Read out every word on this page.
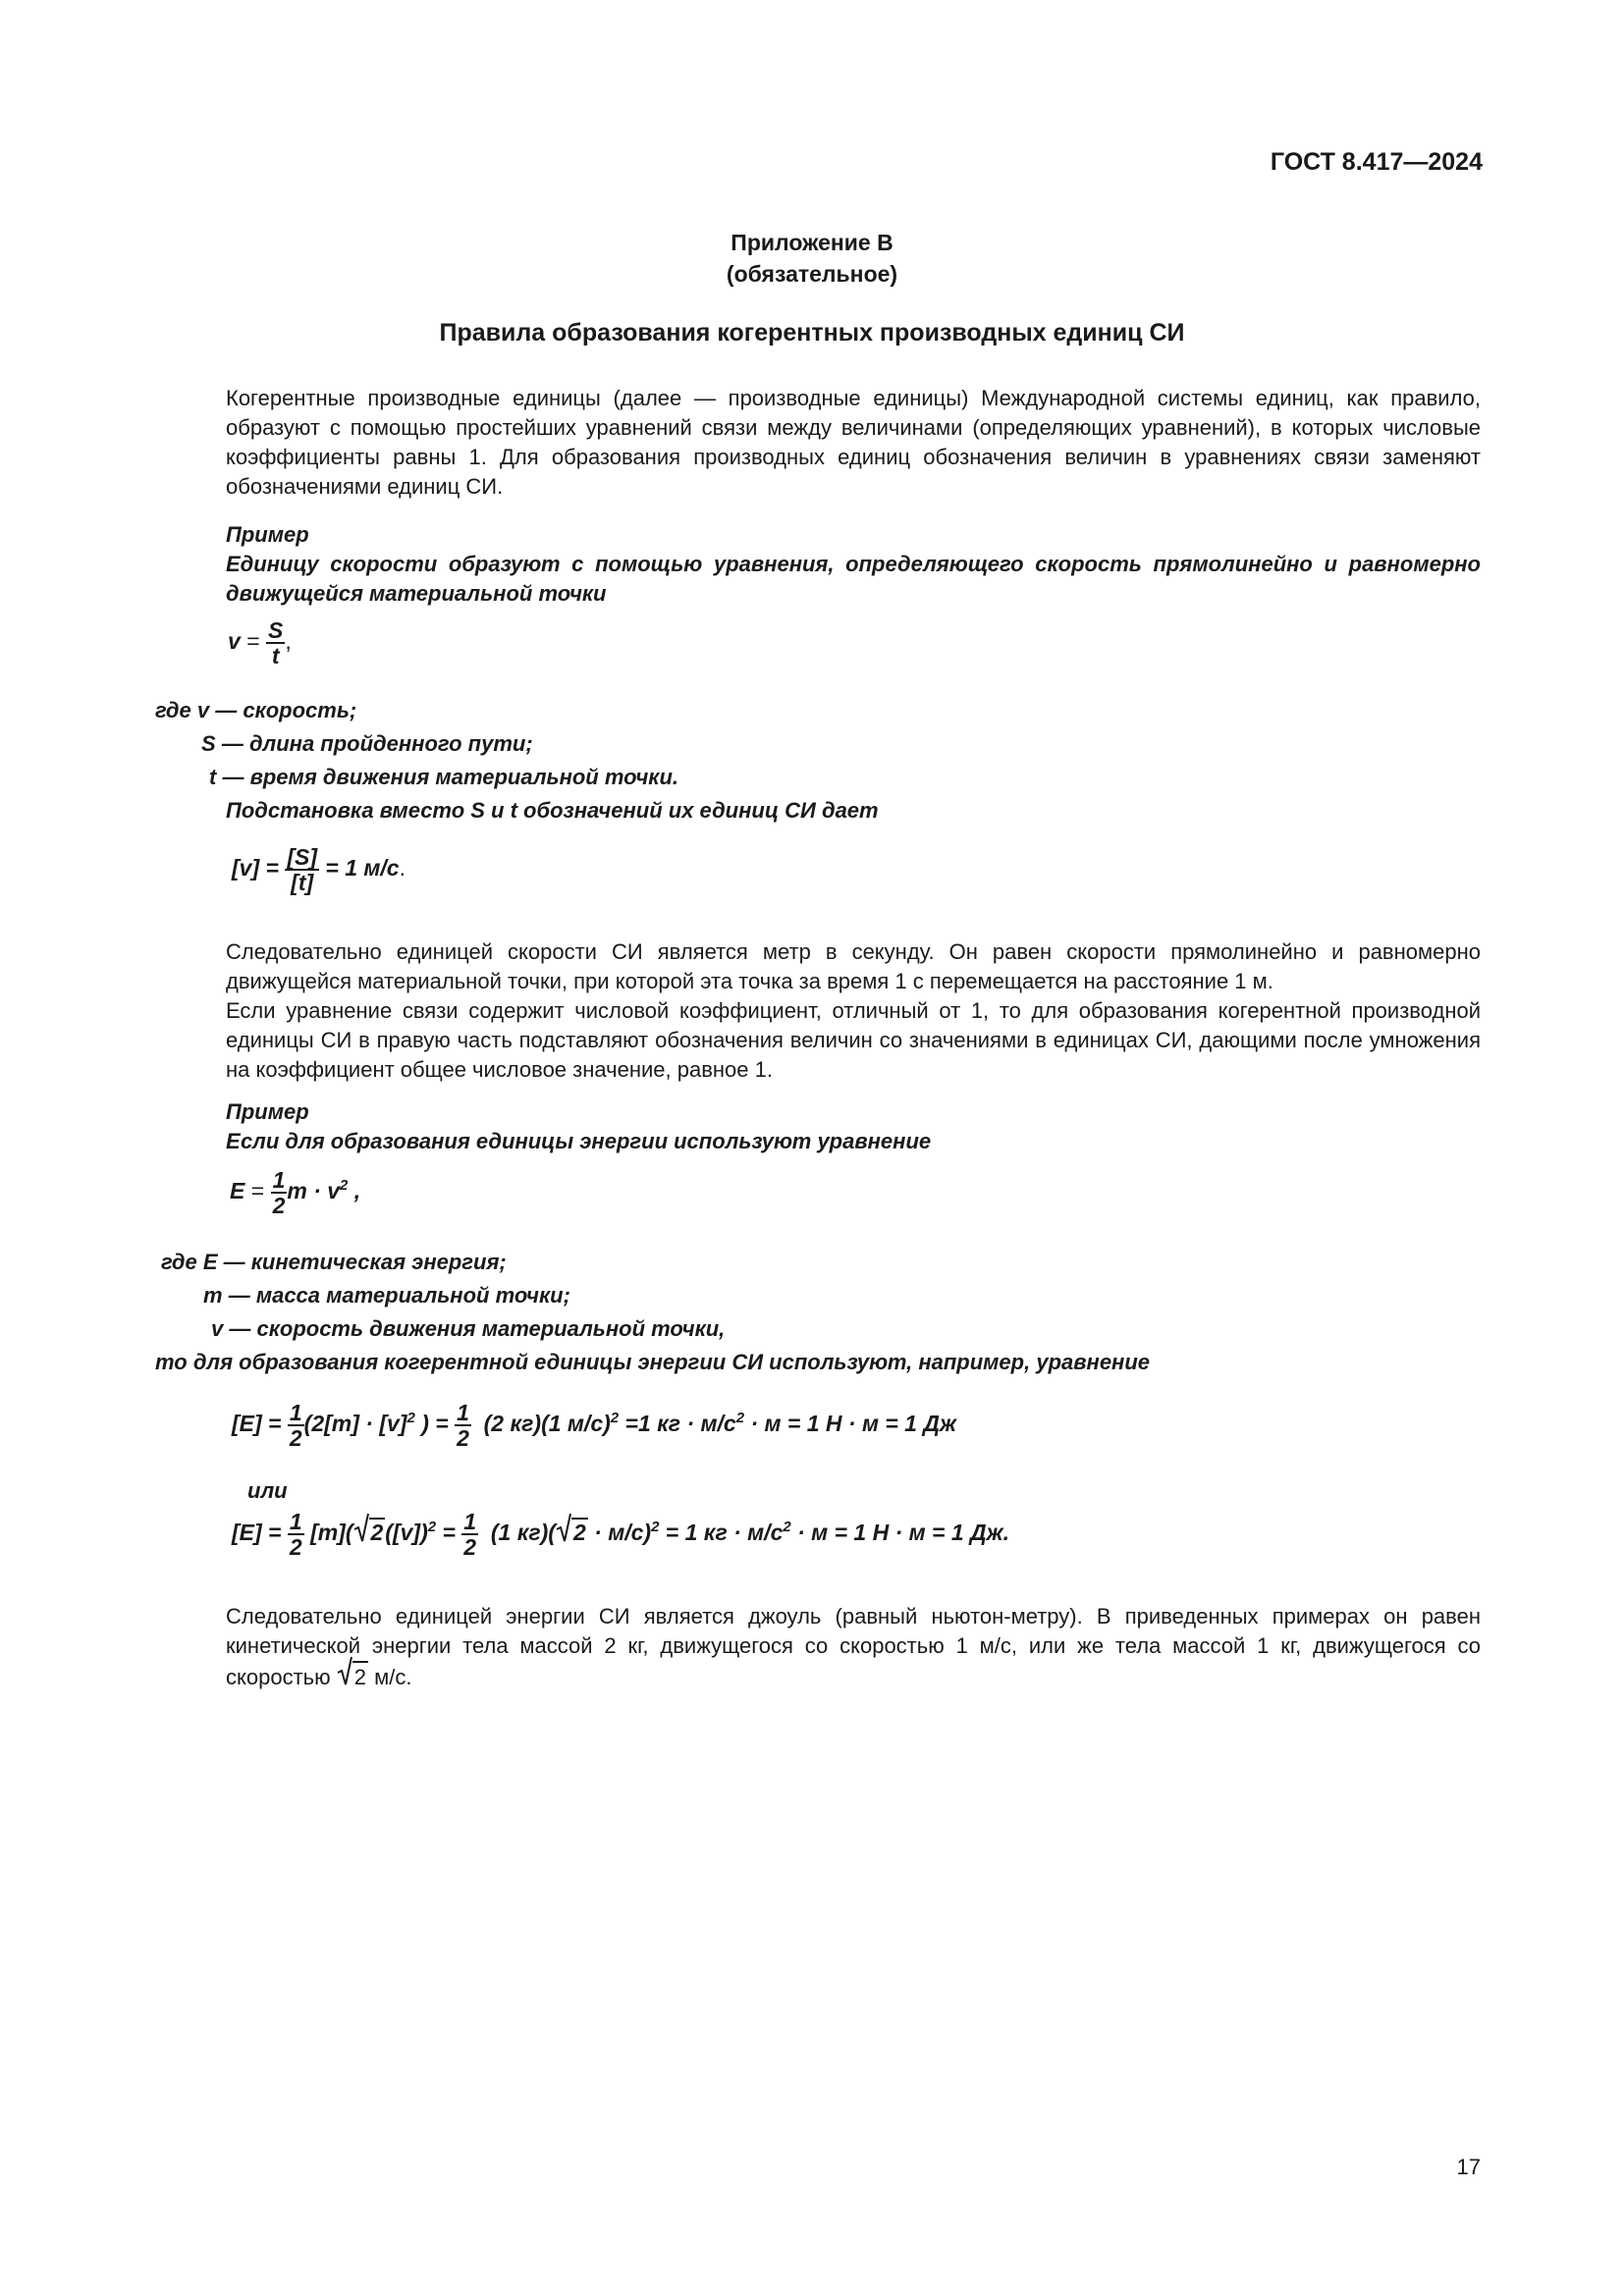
ГОСТ 8.417—2024
Приложение В
(обязательное)
Правила образования когерентных производных единиц СИ
Когерентные производные единицы (далее — производные единицы) Международной системы единиц, как правило, образуют с помощью простейших уравнений связи между величинами (определяющих уравнений), в которых числовые коэффициенты равны 1. Для образования производных единиц обозначения величин в уравнениях связи заменяют обозначениями единиц СИ.
Пример
Единицу скорости образуют с помощью уравнения, определяющего скорость прямолинейно и равномерно движущейся материальной точки
$v = \frac{S}{t}$ ,
где v — скорость;
S — длина пройденного пути;
t — время движения материальной точки.
Подстановка вместо S и t обозначений их единиц СИ дает
$[v] = \frac{[S]}{[t]} = 1$ м/с.
Следовательно единицей скорости СИ является метр в секунду. Он равен скорости прямолинейно и равномерно движущейся материальной точки, при которой эта точка за время 1 с перемещается на расстояние 1 м.
Если уравнение связи содержит числовой коэффициент, отличный от 1, то для образования когерентной производной единицы СИ в правую часть подставляют обозначения величин со значениями в единицах СИ, дающими после умножения на коэффициент общее числовое значение, равное 1.
Пример
Если для образования единицы энергии используют уравнение
$E = \frac{1}{2}$ $m \cdot v^2$ ,
где E — кинетическая энергия;
m — масса материальной точки;
v — скорость движения материальной точки,
то для образования когерентной единицы энергии СИ используют, например, уравнение
$[E] = \frac{1}{2} (2[m] \cdot [v]^2$ ) = $\frac{1}{2} (2$ кг)(1 м/с)$^2$ =1 кг · $м/с^2 \cdot м = 1$ Н · м = 1 Дж
или
$[E] = \frac{1}{2} [m]$( $2([v])^2 = \frac{1}{2} (1$ кг)( 2 · м/с)$^2$ = 1 кг · $м/с^2 \cdot м = 1$ Н · м = 1 Дж.
Следовательно единицей энергии СИ является джоуль (равный ньютон-метру). В приведенных примерах он равен кинетической энергии тела массой 2 кг, движущегося со скоростью 1 м/с, или же тела массой 1 кг, движущегося со скоростью 2 м/с.
17
